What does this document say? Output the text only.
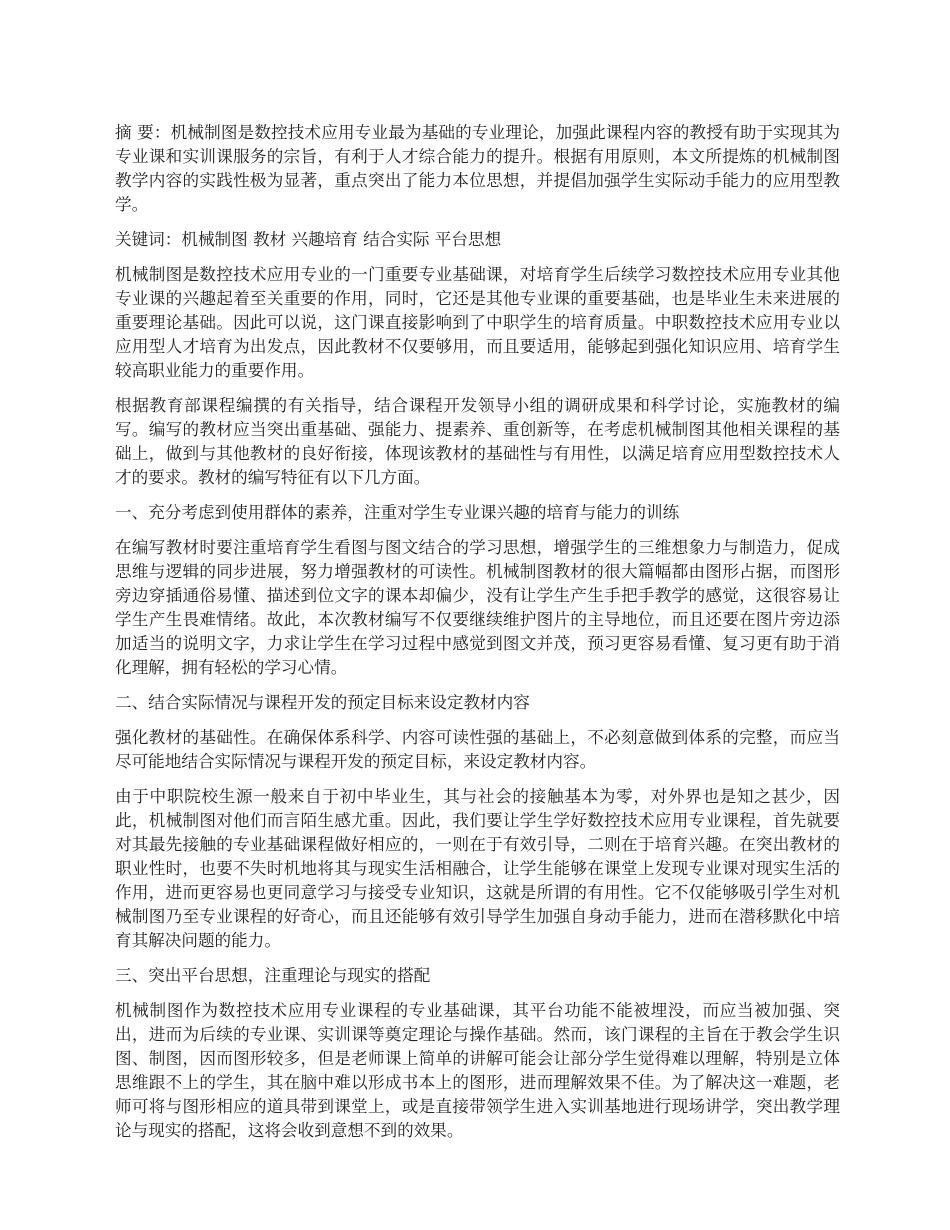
摘 要：机械制图是数控技术应用专业最为基础的专业理论，加强此课程内容的教授有助于实现其为专业课和实训课服务的宗旨，有利于人才综合能力的提升。根据有用原则，本文所提炼的机械制图教学内容的实践性极为显著，重点突出了能力本位思想，并提倡加强学生实际动手能力的应用型教学。

关键词：机械制图 教材 兴趣培育 结合实际 平台思想

机械制图是数控技术应用专业的一门重要专业基础课，对培育学生后续学习数控技术应用专业其他专业课的兴趣起着至关重要的作用，同时，它还是其他专业课的重要基础，也是毕业生未来进展的重要理论基础。因此可以说，这门课直接影响到了中职学生的培育质量。中职数控技术应用专业以应用型人才培育为出发点，因此教材不仅要够用，而且要适用，能够起到强化知识应用、培育学生较高职业能力的重要作用。

根据教育部课程编撰的有关指导，结合课程开发领导小组的调研成果和科学讨论，实施教材的编写。编写的教材应当突出重基础、强能力、提素养、重创新等，在考虑机械制图其他相关课程的基础上，做到与其他教材的良好衔接，体现该教材的基础性与有用性，以满足培育应用型数控技术人才的要求。教材的编写特征有以下几方面。

一、充分考虑到使用群体的素养，注重对学生专业课兴趣的培育与能力的训练

在编写教材时要注重培育学生看图与图文结合的学习思想，增强学生的三维想象力与制造力，促成思维与逻辑的同步进展，努力增强教材的可读性。机械制图教材的很大篇幅都由图形占据，而图形旁边穿插通俗易懂、描述到位文字的课本却偏少，没有让学生产生手把手教学的感觉，这很容易让学生产生畏难情绪。故此，本次教材编写不仅要继续维护图片的主导地位，而且还要在图片旁边添加适当的说明文字，力求让学生在学习过程中感觉到图文并茂，预习更容易看懂、复习更有助于消化理解，拥有轻松的学习心情。

二、结合实际情况与课程开发的预定目标来设定教材内容

强化教材的基础性。在确保体系科学、内容可读性强的基础上，不必刻意做到体系的完整，而应当尽可能地结合实际情况与课程开发的预定目标，来设定教材内容。

由于中职院校生源一般来自于初中毕业生，其与社会的接触基本为零，对外界也是知之甚少，因此，机械制图对他们而言陌生感尤重。因此，我们要让学生学好数控技术应用专业课程，首先就要对其最先接触的专业基础课程做好相应的，一则在于有效引导，二则在于培育兴趣。在突出教材的职业性时，也要不失时机地将其与现实生活相融合，让学生能够在课堂上发现专业课对现实生活的作用，进而更容易也更同意学习与接受专业知识，这就是所谓的有用性。它不仅能够吸引学生对机械制图乃至专业课程的好奇心，而且还能够有效引导学生加强自身动手能力，进而在潜移默化中培育其解决问题的能力。

三、突出平台思想，注重理论与现实的搭配

机械制图作为数控技术应用专业课程的专业基础课，其平台功能不能被埋没，而应当被加强、突出，进而为后续的专业课、实训课等奠定理论与操作基础。然而，该门课程的主旨在于教会学生识图、制图，因而图形较多，但是老师课上简单的讲解可能会让部分学生觉得难以理解，特别是立体思维跟不上的学生，其在脑中难以形成书本上的图形，进而理解效果不佳。为了解决这一难题，老师可将与图形相应的道具带到课堂上，或是直接带领学生进入实训基地进行现场讲学，突出教学理论与现实的搭配，这将会收到意想不到的效果。
